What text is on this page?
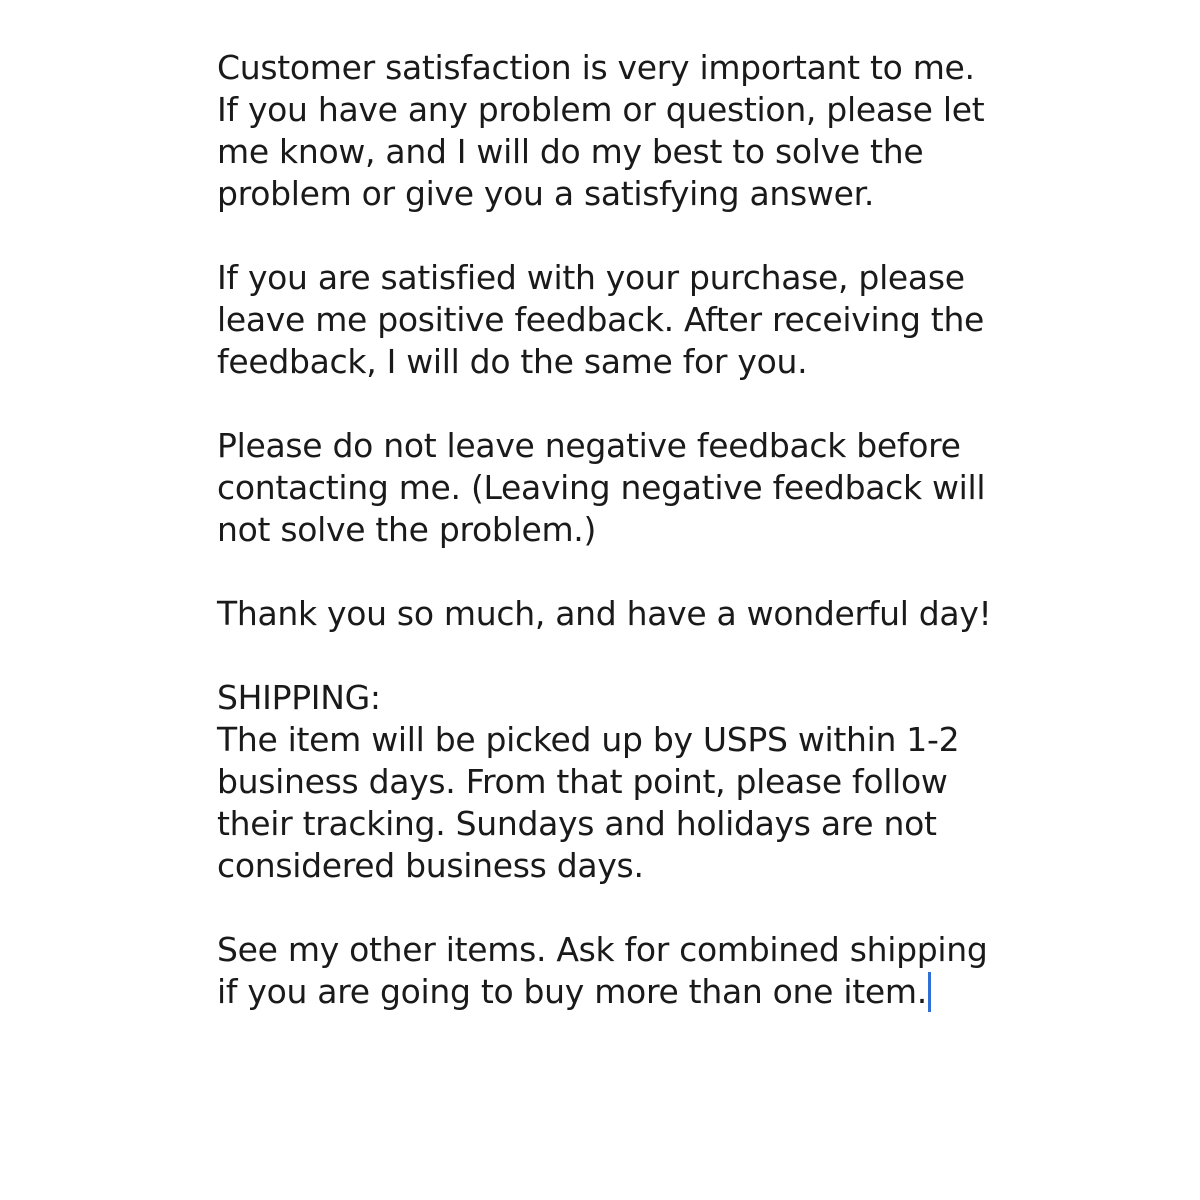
Customer satisfaction is very important to me. If you have any problem or question, please let me know, and I will do my best to solve the problem or give you a satisfying answer.

If you are satisfied with your purchase, please leave me positive feedback. After receiving the feedback, I will do the same for you.

Please do not leave negative feedback before contacting me. (Leaving negative feedback will not solve the problem.)

Thank you so much, and have a wonderful day!

SHIPPING:

The item will be picked up by USPS within 1-2 business days. From that point, please follow their tracking. Sundays and holidays are not considered business days.

See my other items. Ask for combined shipping if you are going to buy more than one item.
